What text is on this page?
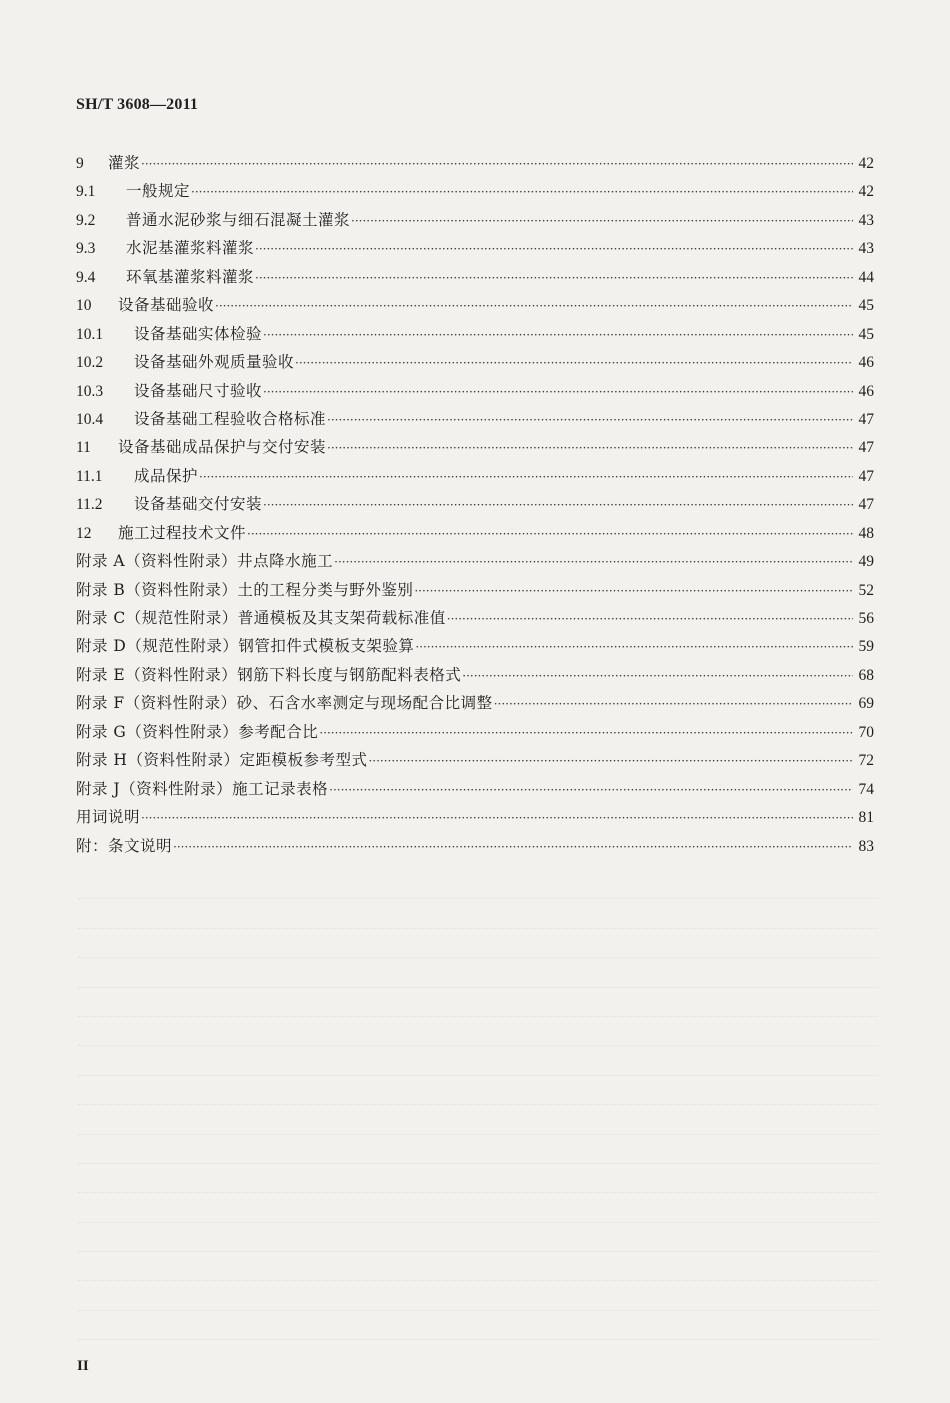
SH/T 3608—2011
9	灌浆 ·····	42
9.1	一般规定 ·····	42
9.2	普通水泥砂浆与细石混凝土灌浆 ·····	43
9.3	水泥基灌浆料灌浆 ·····	43
9.4	环氧基灌浆料灌浆 ·····	44
10	设备基础验收 ·····	45
10.1	设备基础实体检验 ·····	45
10.2	设备基础外观质量验收 ·····	46
10.3	设备基础尺寸验收 ·····	46
10.4	设备基础工程验收合格标准 ·····	47
11	设备基础成品保护与交付安装 ·····	47
11.1	成品保护 ·····	47
11.2	设备基础交付安装 ·····	47
12	施工过程技术文件 ·····	48
附录 A（资料性附录）井点降水施工 ·····	49
附录 B（资料性附录）土的工程分类与野外鉴别 ·····	52
附录 C（规范性附录）普通模板及其支架荷载标准值 ·····	56
附录 D（规范性附录）钢管扣件式模板支架验算 ·····	59
附录 E（资料性附录）钢筋下料长度与钢筋配料表格式 ·····	68
附录 F（资料性附录）砂、石含水率测定与现场配合比调整 ·····	69
附录 G（资料性附录）参考配合比 ·····	70
附录 H（资料性附录）定距模板参考型式 ·····	72
附录 J（资料性附录）施工记录表格 ·····	74
用词说明 ·····	81
附：条文说明 ·····	83
II
